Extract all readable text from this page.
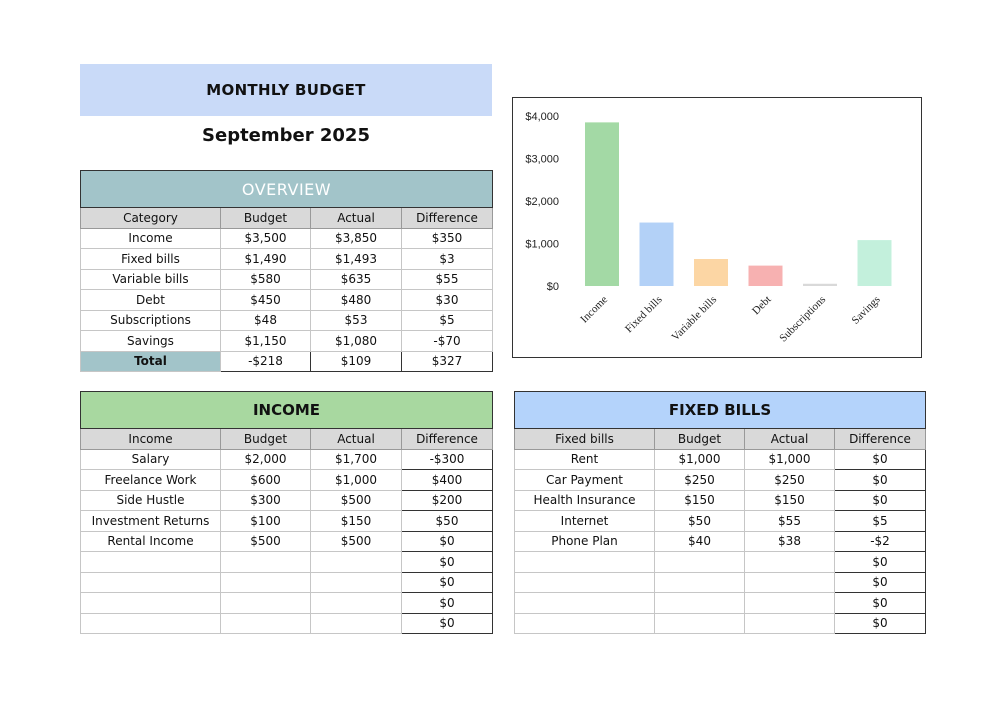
MONTHLY BUDGET
September 2025
OVERVIEW			
Category	Budget	Actual	Difference
Income	$3,500	$3,850	$350
Fixed bills	$1,490	$1,493	$3
Variable bills	$580	$635	$55
Debt	$450	$480	$30
Subscriptions	$48	$53	$5
Savings	$1,150	$1,080	-$70
Total	-$218	$109	$327
$0
$1,000
$2,000
$3,000
$4,000
Income Fixed bills Variable bills	Debt Subscriptions Savings
INCOME			
Income	Budget	Actual	Difference
Salary	$2,000	$1,700	-$300
Freelance Work	$600	$1,000	$400
Side Hustle	$300	$500	$200
Investment Returns	$100	$150	$50
Rental Income	$500	$500	$0
			$0
			$0
			$0
			$0
FIXED BILLS			
Fixed bills	Budget	Actual	Difference
Rent	$1,000	$1,000	$0
Car Payment	$250	$250	$0
Health Insurance	$150	$150	$0
Internet	$50	$55	$5
Phone Plan	$40	$38	-$2
			$0
			$0
			$0
			$0
